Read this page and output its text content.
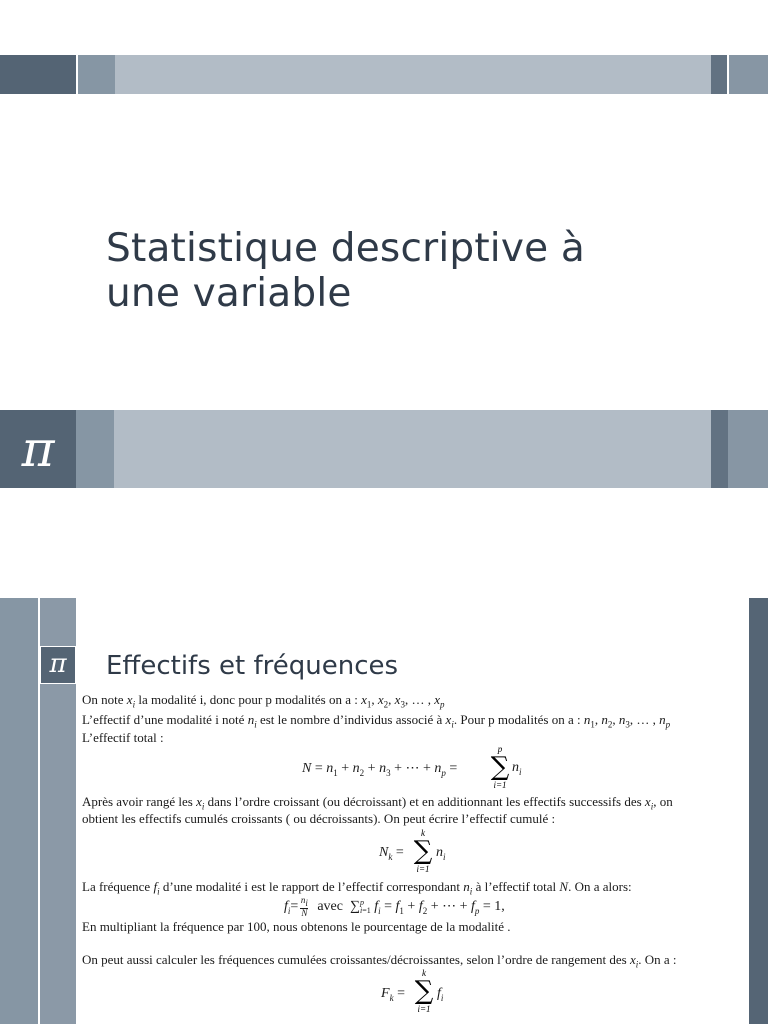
Statistique descriptive à
une variable
π
π	Effectifs et fréquences
On note $x_i$ la modalité i, donc pour p modalités on a : $x_1$, $x_2$, $x_3$, … , $x_p$
L’effectif d’une modalité i noté $n_i$ est le nombre d’individus associé à $x_i$. Pour p modalités on a : $n_1$, $n_2$, $n_3$, … , $n_p$
L’effectif total :
$N = n_1 + n_2 + n_3$ + ⋯ + $n_p$ =
p
∑
i=1
$n_i$
Après avoir rangé les $x_i$ dans l’ordre croissant (ou décroissant) et en additionnant les effectifs successifs des $x_i$, on
obtient les effectifs cumulés croissants ( ou décroissants). On peut écrire l’effectif cumulé :
$N_k$ =
k
∑
i=1
$n_i$
La fréquence $f_i$ d’une modalité i est le rapport de l’effectif correspondant $n_i$ à l’effectif total N. On a alors:
$f_i= \frac{n_i}{N}$ avec  ∑p
i=1 $f_i = f_1 + f_2$ + ⋯ + $f_p = 1$,
En multipliant la fréquence par 100, nous obtenons le pourcentage de la modalité .
On peut aussi calculer les fréquences cumulées croissantes/décroissantes, selon l’ordre de rangement des $x_i$. On a :
$F_k$ =
k
∑
i=1
$f_i$
